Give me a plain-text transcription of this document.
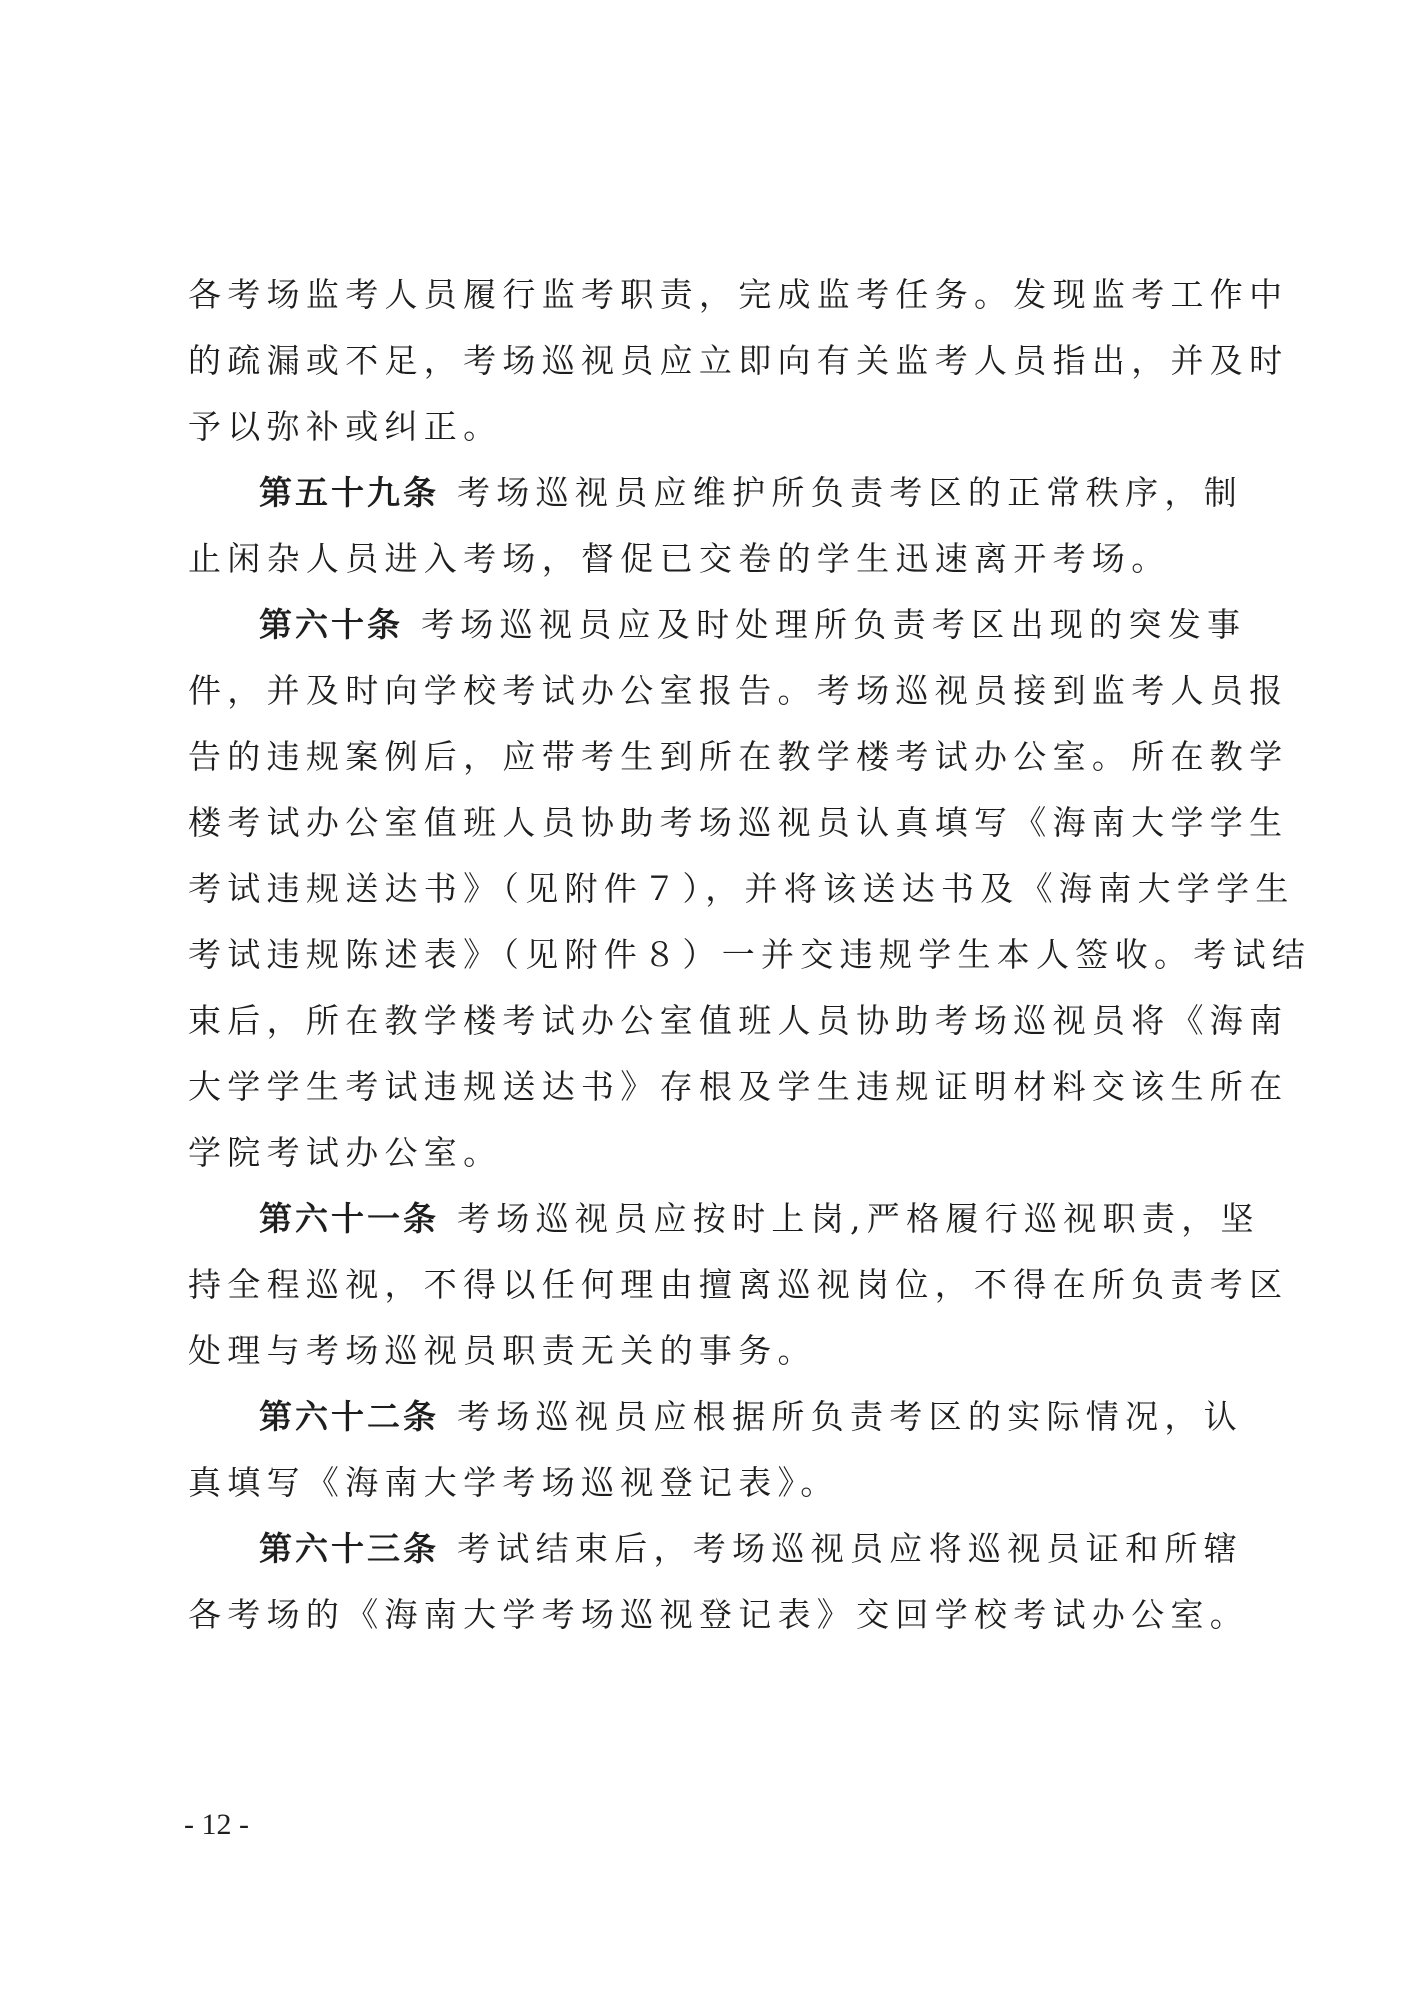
各考场监考人员履行监考职责，完成监考任务。发现监考工作中
的疏漏或不足，考场巡视员应立即向有关监考人员指出，并及时
予以弥补或纠正。
第五十九条 考场巡视员应维护所负责考区的正常秩序，制
止闲杂人员进入考场，督促已交卷的学生迅速离开考场。
第六十条 考场巡视员应及时处理所负责考区出现的突发事
件，并及时向学校考试办公室报告。考场巡视员接到监考人员报
告的违规案例后，应带考生到所在教学楼考试办公室。所在教学
楼考试办公室值班人员协助考场巡视员认真填写《海南大学学生
考试违规送达书》（见附件７），并将该送达书及《海南大学学生
考试违规陈述表》（见附件８）一并交违规学生本人签收。考试结
束后，所在教学楼考试办公室值班人员协助考场巡视员将《海南
大学学生考试违规送达书》存根及学生违规证明材料交该生所在
学院考试办公室。
第六十一条 考场巡视员应按时上岗,严格履行巡视职责，坚
持全程巡视，不得以任何理由擅离巡视岗位，不得在所负责考区
处理与考场巡视员职责无关的事务。
第六十二条 考场巡视员应根据所负责考区的实际情况，认
真填写《海南大学考场巡视登记表》。
第六十三条 考试结束后，考场巡视员应将巡视员证和所辖
各考场的《海南大学考场巡视登记表》交回学校考试办公室。
- 12 -
